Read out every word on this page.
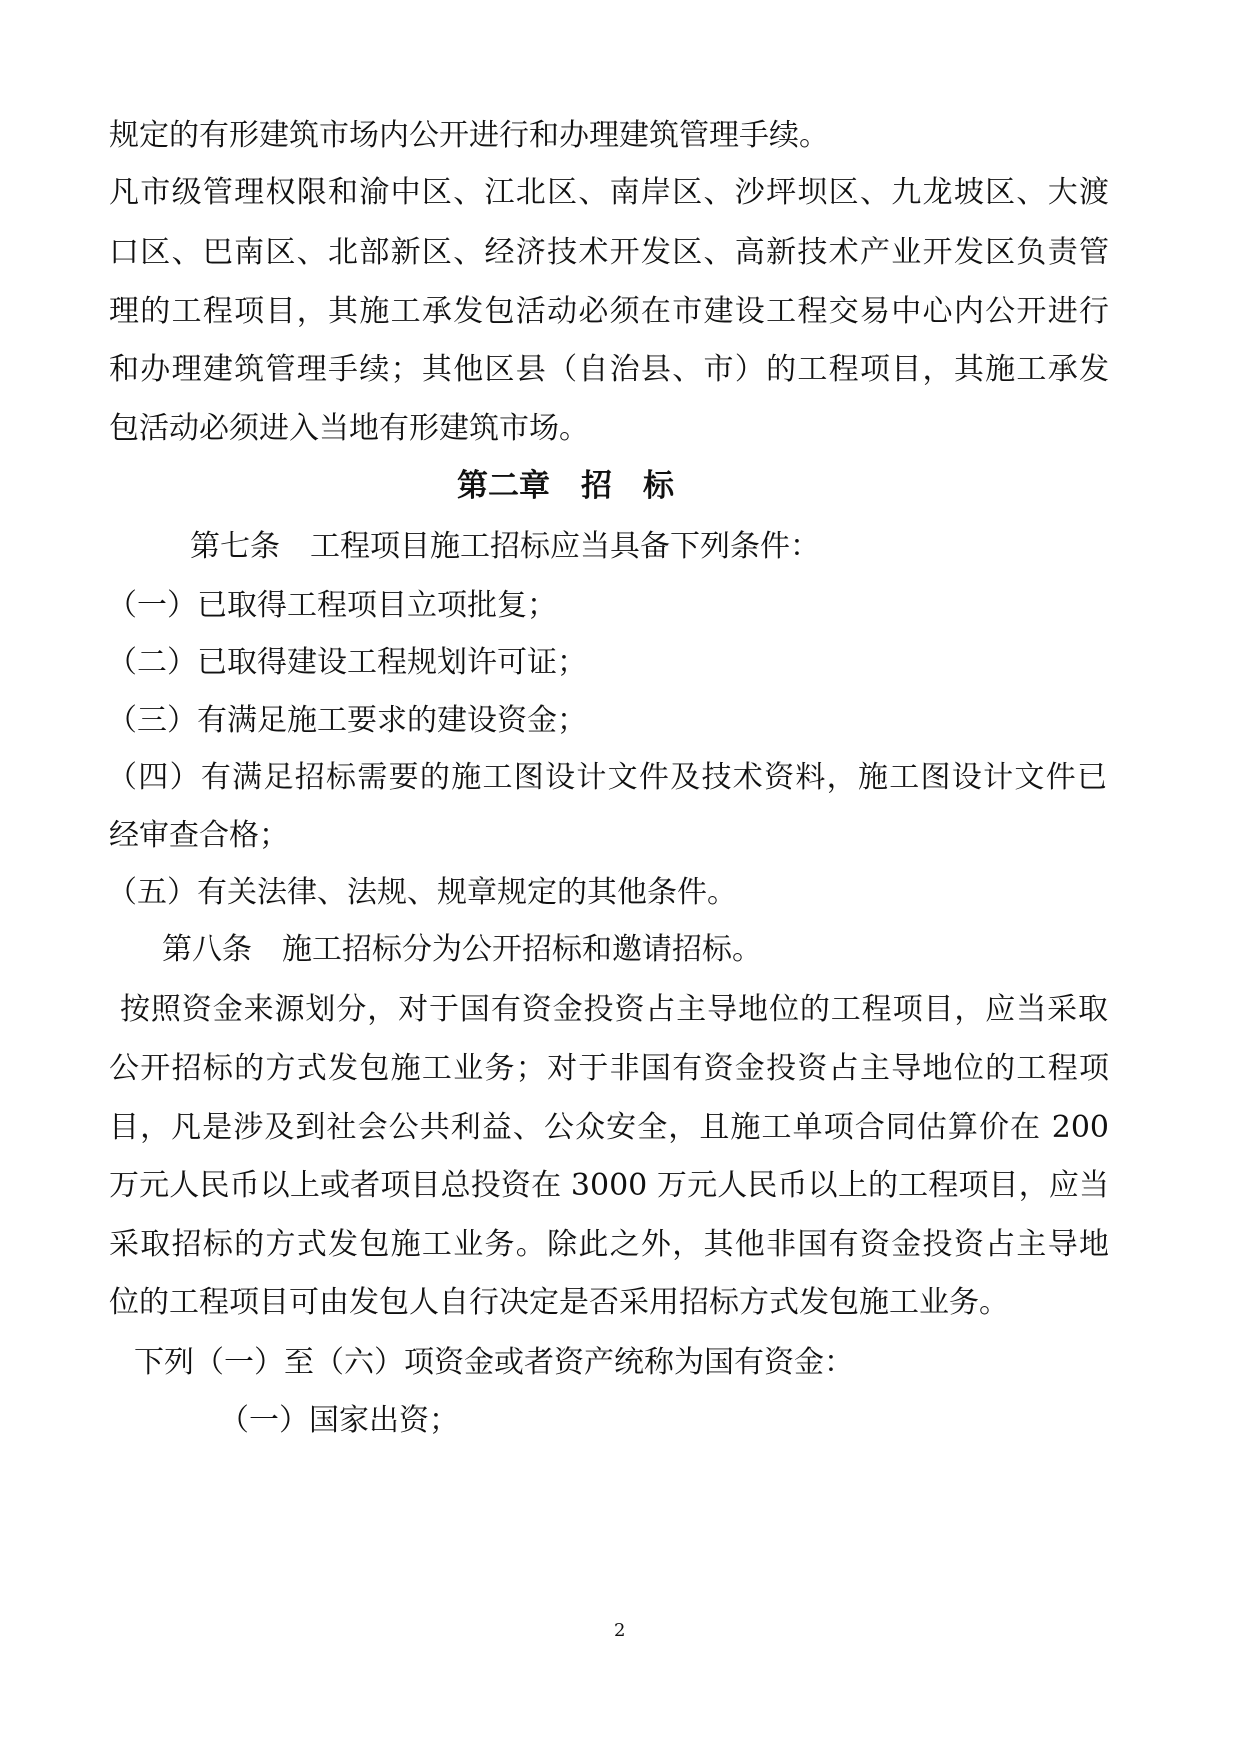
规定的有形建筑市场内公开进行和办理建筑管理手续。
凡市级管理权限和渝中区、江北区、南岸区、沙坪坝区、九龙坡区、大渡
口区、巴南区、北部新区、经济技术开发区、高新技术产业开发区负责管
理的工程项目，其施工承发包活动必须在市建设工程交易中心内公开进行
和办理建筑管理手续；其他区县（自治县、市）的工程项目，其施工承发
包活动必须进入当地有形建筑市场。
第二章　招　标
第七条　工程项目施工招标应当具备下列条件：
（一）已取得工程项目立项批复；
（二）已取得建设工程规划许可证；
（三）有满足施工要求的建设资金；
（四）有满足招标需要的施工图设计文件及技术资料，施工图设计文件已
经审查合格；
（五）有关法律、法规、规章规定的其他条件。
第八条　施工招标分为公开招标和邀请招标。
按照资金来源划分，对于国有资金投资占主导地位的工程项目，应当采取
公开招标的方式发包施工业务；对于非国有资金投资占主导地位的工程项
目，凡是涉及到社会公共利益、公众安全，且施工单项合同估算价在 200
万元人民币以上或者项目总投资在 3000 万元人民币以上的工程项目，应当
采取招标的方式发包施工业务。除此之外，其他非国有资金投资占主导地
位的工程项目可由发包人自行决定是否采用招标方式发包施工业务。
下列（一）至（六）项资金或者资产统称为国有资金：
（一）国家出资；
2
